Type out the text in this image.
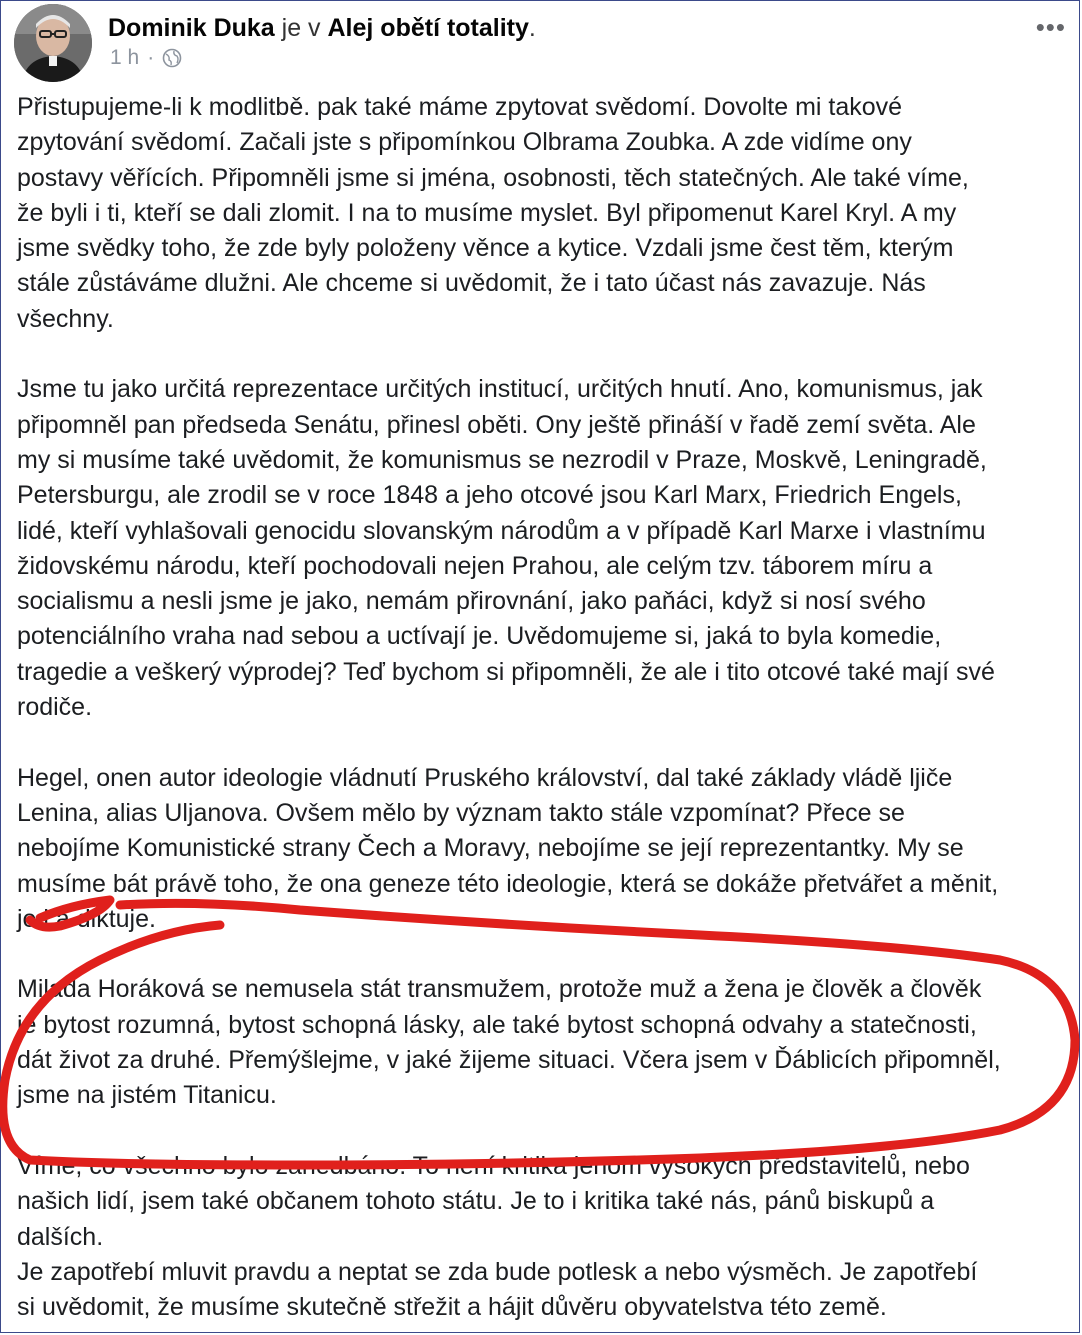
Dominik Duka je v Alej obětí totality.
1 h ·
•••

Přistupujeme-li k modlitbě. pak také máme zpytovat svědomí. Dovolte mi takové
zpytování svědomí. Začali jste s připomínkou Olbrama Zoubka. A zde vidíme ony
postavy věřících. Připomněli jsme si jména, osobnosti, těch statečných. Ale také víme,
že byli i ti, kteří se dali zlomit. I na to musíme myslet. Byl připomenut Karel Kryl. A my
jsme svědky toho, že zde byly položeny věnce a kytice. Vzdali jsme čest těm, kterým
stále zůstáváme dlužni. Ale chceme si uvědomit, že i tato účast nás zavazuje. Nás
všechny.

Jsme tu jako určitá reprezentace určitých institucí, určitých hnutí. Ano, komunismus, jak
připomněl pan předseda Senátu, přinesl oběti. Ony ještě přináší v řadě zemí světa. Ale
my si musíme také uvědomit, že komunismus se nezrodil v Praze, Moskvě, Leningradě,
Petersburgu, ale zrodil se v roce 1848 a jeho otcové jsou Karl Marx, Friedrich Engels,
lidé, kteří vyhlašovali genocidu slovanským národům a v případě Karl Marxe i vlastnímu
židovskému národu, kteří pochodovali nejen Prahou, ale celým tzv. táborem míru a
socialismu a nesli jsme je jako, nemám přirovnání, jako paňáci, když si nosí svého
potenciálního vraha nad sebou a uctívají je. Uvědomujeme si, jaká to byla komedie,
tragedie a veškerý výprodej? Teď bychom si připomněli, že ale i tito otcové také mají své
rodiče.

Hegel, onen autor ideologie vládnutí Pruského království, dal také základy vládě ljiče
Lenina, alias Uljanova. Ovšem mělo by význam takto stále vzpomínat? Přece se
nebojíme Komunistické strany Čech a Moravy, nebojíme se její reprezentantky. My se
musíme bát právě toho, že ona geneze této ideologie, která se dokáže přetvářet a měnit,
je i a diktuje.

Milada Horáková se nemusela stát transmužem, protože muž a žena je člověk a člověk
je bytost rozumná, bytost schopná lásky, ale také bytost schopná odvahy a statečnosti,
dát život za druhé. Přemýšlejme, v jaké žijeme situaci. Včera jsem v Ďáblicích připomněl,
jsme na jistém Titanicu.

Víme, co všechno bylo zanedbáno. To není kritika jenom vysokých představitelů, nebo
našich lidí, jsem také občanem tohoto státu. Je to i kritika také nás, pánů biskupů a
dalších.

Je zapotřebí mluvit pravdu a neptat se zda bude potlesk a nebo výsměch. Je zapotřebí
si uvědomit, že musíme skutečně střežit a hájit důvěru obyvatelstva této země.
